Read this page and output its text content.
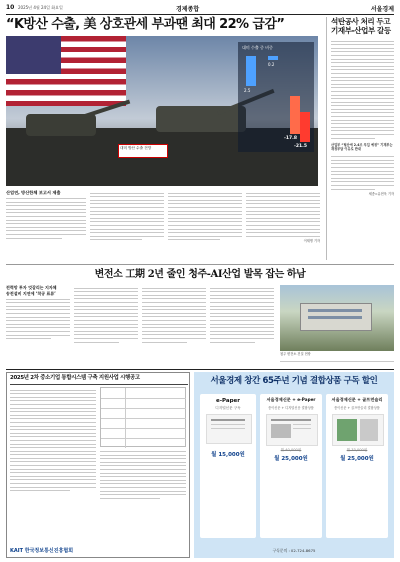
10 2025년 4월 24일 화요일	경제종합	서울경제
“K방산 수출, 美 상호관세 부과땐 최대 22% 급감”
대미 수출 중 비중
2.5
0.2
-17.8
-21.5
대미 방산 수출 전망
산업연, 방산한체 보고서 제출
이재명 기자
석탄공사 처리 두고 기재부-산업부 갈등
산업부 “형산에 2.4조 투입 예정” 기재부는 재정부담 이유로 반대
세종=유현욱 기자
변전소 工期 2년 줄인 청주‑AI산업 발목 잡는 하남
전력망 투자 엇갈리는 지자체
송전설비 지연에 ‘착공 표류’
청주 변전소 건설 현장
2025년 2차 중소기업 통합시스템 구축 지원사업 시행공고
KAIT 한국정보통신진흥협회
서울경제 창간 65주년 기념 결합상품 구독 할인
e‑Paper
디지털신문 구독
월 15,000원
서울경제신문 + e‑Paper
종이신문 + 디지털신문 결합상품
월 40,000원
월 25,000원
서울경제신문 + 골프먼슬리
종이신문 + 골프먼슬리 결합상품
월 33,000원
월 25,000원
구독문의 : 02‑724‑8675
